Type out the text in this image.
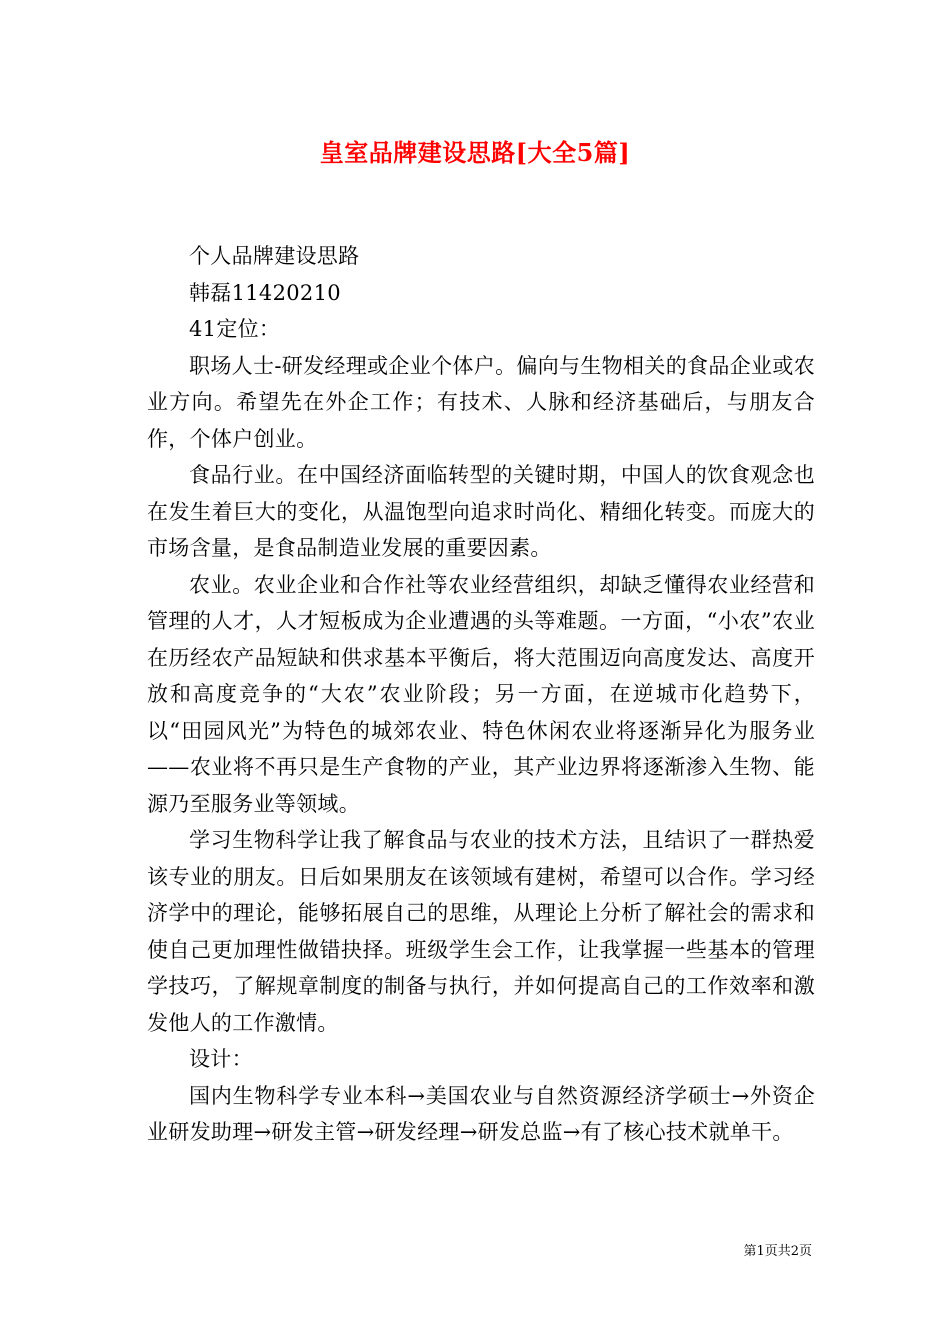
皇室品牌建设思路[大全5篇]

个人品牌建设思路

韩磊11420210

41定位：

职场人士-研发经理或企业个体户。偏向与生物相关的食品企业或农业方向。希望先在外企工作；有技术、人脉和经济基础后，与朋友合作，个体户创业。

食品行业。在中国经济面临转型的关键时期，中国人的饮食观念也在发生着巨大的变化，从温饱型向追求时尚化、精细化转变。而庞大的市场含量，是食品制造业发展的重要因素。

农业。农业企业和合作社等农业经营组织，却缺乏懂得农业经营和管理的人才，人才短板成为企业遭遇的头等难题。一方面，“小农”农业在历经农产品短缺和供求基本平衡后，将大范围迈向高度发达、高度开放和高度竞争的“大农”农业阶段；另一方面，在逆城市化趋势下，以“田园风光”为特色的城郊农业、特色休闲农业将逐渐异化为服务业——农业将不再只是生产食物的产业，其产业边界将逐渐渗入生物、能源乃至服务业等领域。

学习生物科学让我了解食品与农业的技术方法，且结识了一群热爱该专业的朋友。日后如果朋友在该领域有建树，希望可以合作。学习经济学中的理论，能够拓展自己的思维，从理论上分析了解社会的需求和使自己更加理性做错抉择。班级学生会工作，让我掌握一些基本的管理学技巧，了解规章制度的制备与执行，并如何提高自己的工作效率和激发他人的工作激情。

设计：

国内生物科学专业本科→美国农业与自然资源经济学硕士→外资企业研发助理→研发主管→研发经理→研发总监→有了核心技术就单干。

第1页共2页
